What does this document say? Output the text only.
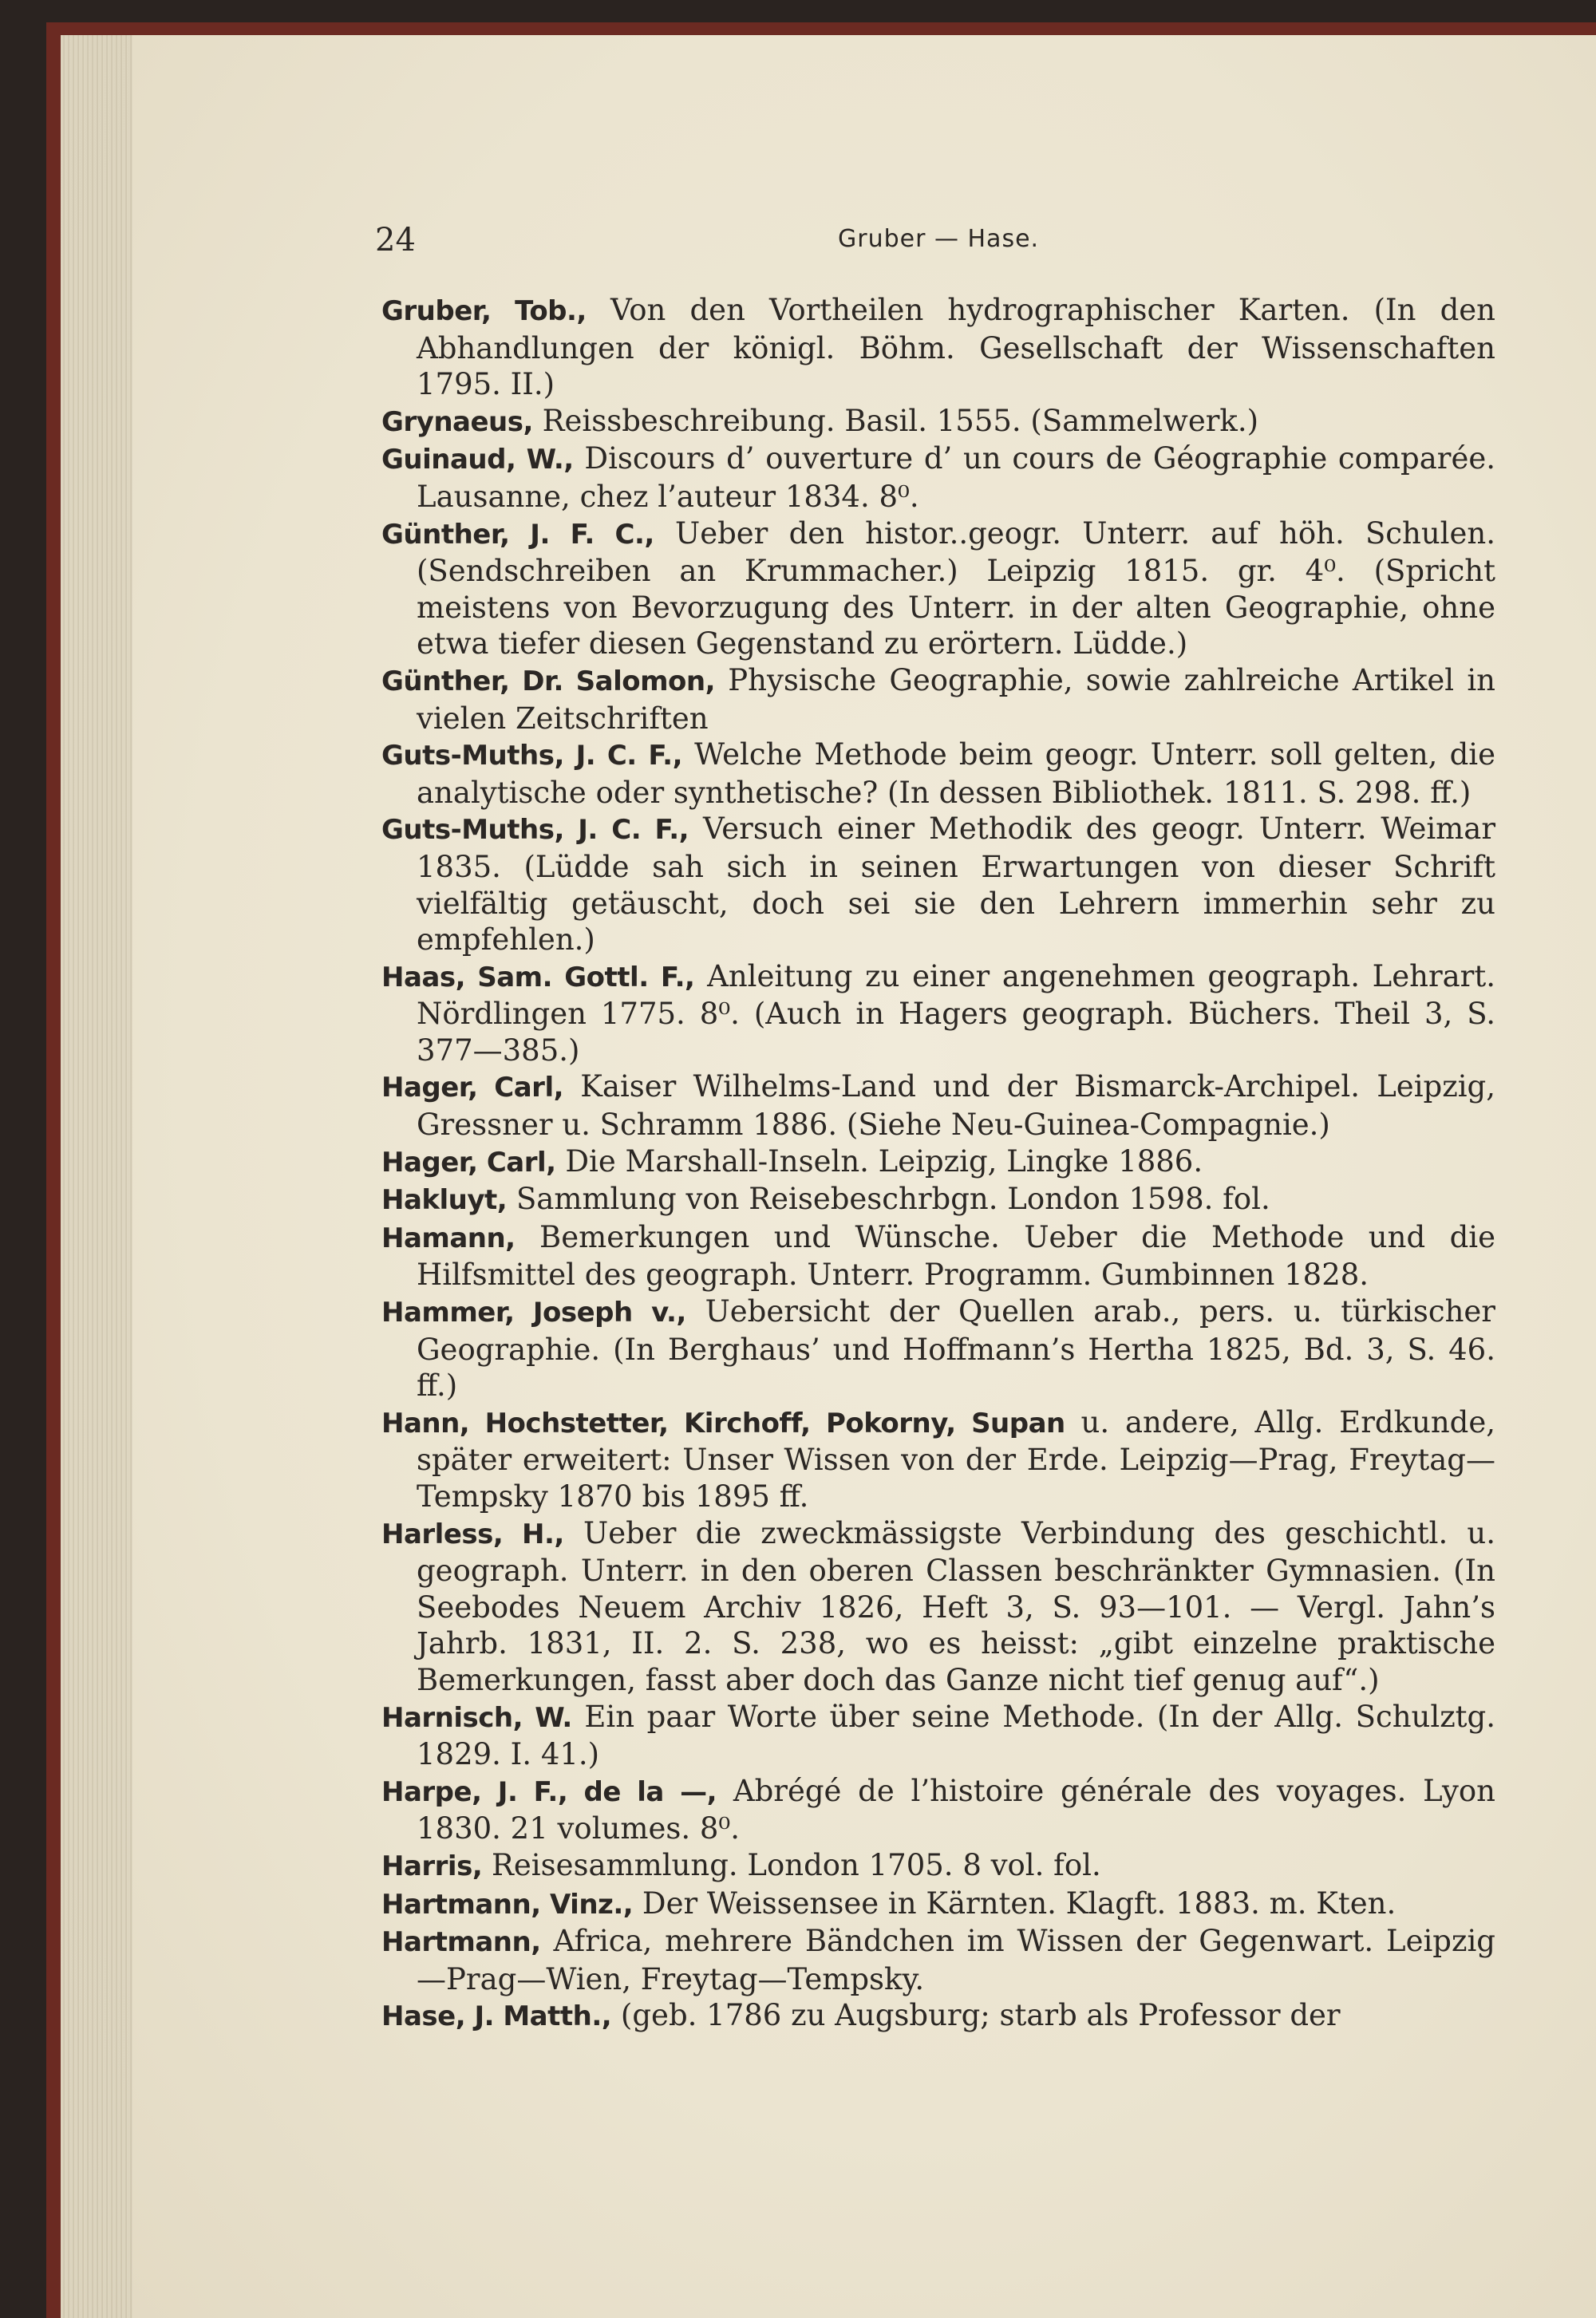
24	Gruber — Hase.

Gruber, Tob., Von den Vortheilen hydrographischer Karten. (In den Abhandlungen der königl. Böhm. Gesellschaft der Wissenschaften 1795. II.)

Grynaeus, Reissbeschreibung. Basil. 1555. (Sammelwerk.)

Guinaud, W., Discours d’ ouverture d’ un cours de Géographie comparée. Lausanne, chez l’auteur 1834. 8⁰.

Günther, J. F. C., Ueber den histor..geogr. Unterr. auf höh. Schulen. (Sendschreiben an Krummacher.) Leipzig 1815. gr. 4⁰. (Spricht meistens von Bevorzugung des Unterr. in der alten Geographie, ohne etwa tiefer diesen Gegenstand zu erörtern. Lüdde.)

Günther, Dr. Salomon, Physische Geographie, sowie zahlreiche Artikel in vielen Zeitschriften

Guts-Muths, J. C. F., Welche Methode beim geogr. Unterr. soll gelten, die analytische oder synthetische? (In dessen Bibliothek. 1811. S. 298. ff.)

Guts-Muths, J. C. F., Versuch einer Methodik des geogr. Unterr. Weimar 1835. (Lüdde sah sich in seinen Erwartungen von dieser Schrift vielfältig getäuscht, doch sei sie den Lehrern immerhin sehr zu empfehlen.)

Haas, Sam. Gottl. F., Anleitung zu einer angenehmen geograph. Lehrart. Nördlingen 1775. 8⁰. (Auch in Hagers geograph. Büchers. Theil 3, S. 377—385.)

Hager, Carl, Kaiser Wilhelms-Land und der Bismarck-Archipel. Leipzig, Gressner u. Schramm 1886. (Siehe Neu-Guinea-Compagnie.)

Hager, Carl, Die Marshall-Inseln. Leipzig, Lingke 1886.

Hakluyt, Sammlung von Reisebeschrbgn. London 1598. fol.

Hamann, Bemerkungen und Wünsche. Ueber die Methode und die Hilfsmittel des geograph. Unterr. Programm. Gumbinnen 1828.

Hammer, Joseph v., Uebersicht der Quellen arab., pers. u. türkischer Geographie. (In Berghaus’ und Hoffmann’s Hertha 1825, Bd. 3, S. 46. ff.)

Hann, Hochstetter, Kirchoff, Pokorny, Supan u. andere, Allg. Erdkunde, später erweitert: Unser Wissen von der Erde. Leipzig—Prag, Freytag—Tempsky 1870 bis 1895 ff.

Harless, H., Ueber die zweckmässigste Verbindung des geschichtl. u. geograph. Unterr. in den oberen Classen beschränkter Gymnasien. (In Seebodes Neuem Archiv 1826, Heft 3, S. 93—101. — Vergl. Jahn’s Jahrb. 1831, II. 2. S. 238, wo es heisst: „gibt einzelne praktische Bemerkungen, fasst aber doch das Ganze nicht tief genug auf“.)

Harnisch, W. Ein paar Worte über seine Methode. (In der Allg. Schulztg. 1829. I. 41.)

Harpe, J. F., de la —, Abrégé de l’histoire générale des voyages. Lyon 1830. 21 volumes. 8⁰.

Harris, Reisesammlung. London 1705. 8 vol. fol.

Hartmann, Vinz., Der Weissensee in Kärnten. Klagft. 1883. m. Kten.

Hartmann, Africa, mehrere Bändchen im Wissen der Gegenwart. Leipzig—Prag—Wien, Freytag—Tempsky.

Hase, J. Matth., (geb. 1786 zu Augsburg; starb als Professor der
